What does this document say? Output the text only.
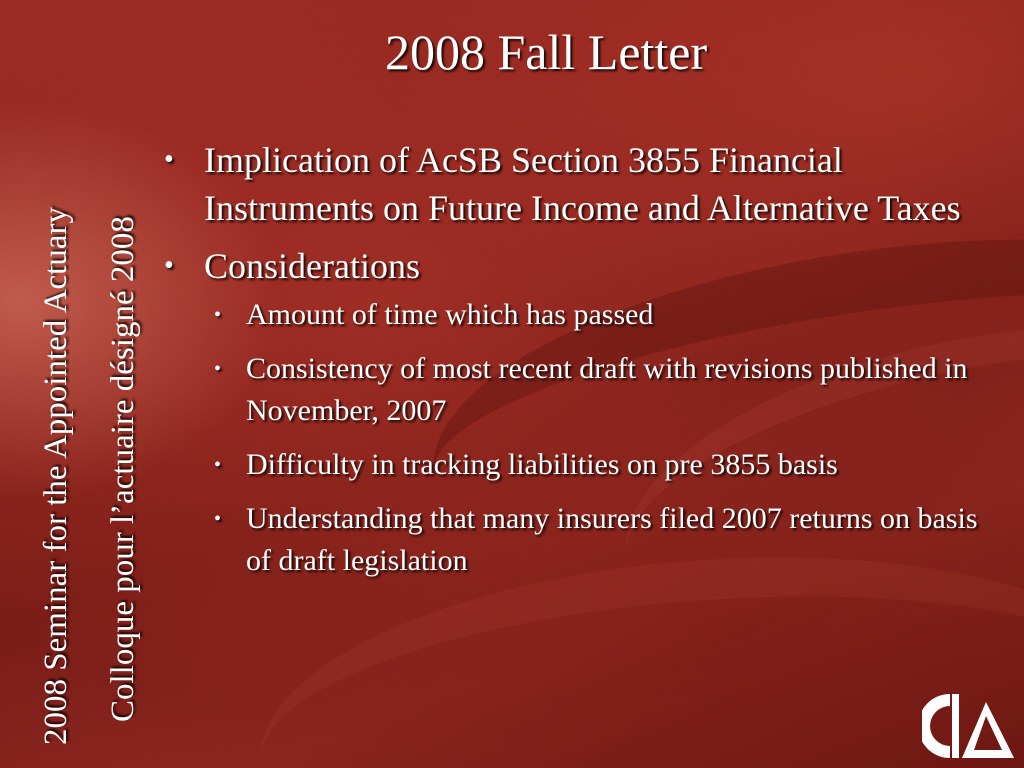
2008 Seminar for the Appointed Actuary Colloque pour l’actuaire désigné 2008
2008 Fall Letter
• Implication of AcSB Section 3855 Financial Instruments on Future Income and Alternative Taxes
• Considerations
• Amount of time which has passed
• Consistency of most recent draft with revisions published in November, 2007
• Difficulty in tracking liabilities on pre 3855 basis
• Understanding that many insurers filed 2007 returns on basis of draft legislation
